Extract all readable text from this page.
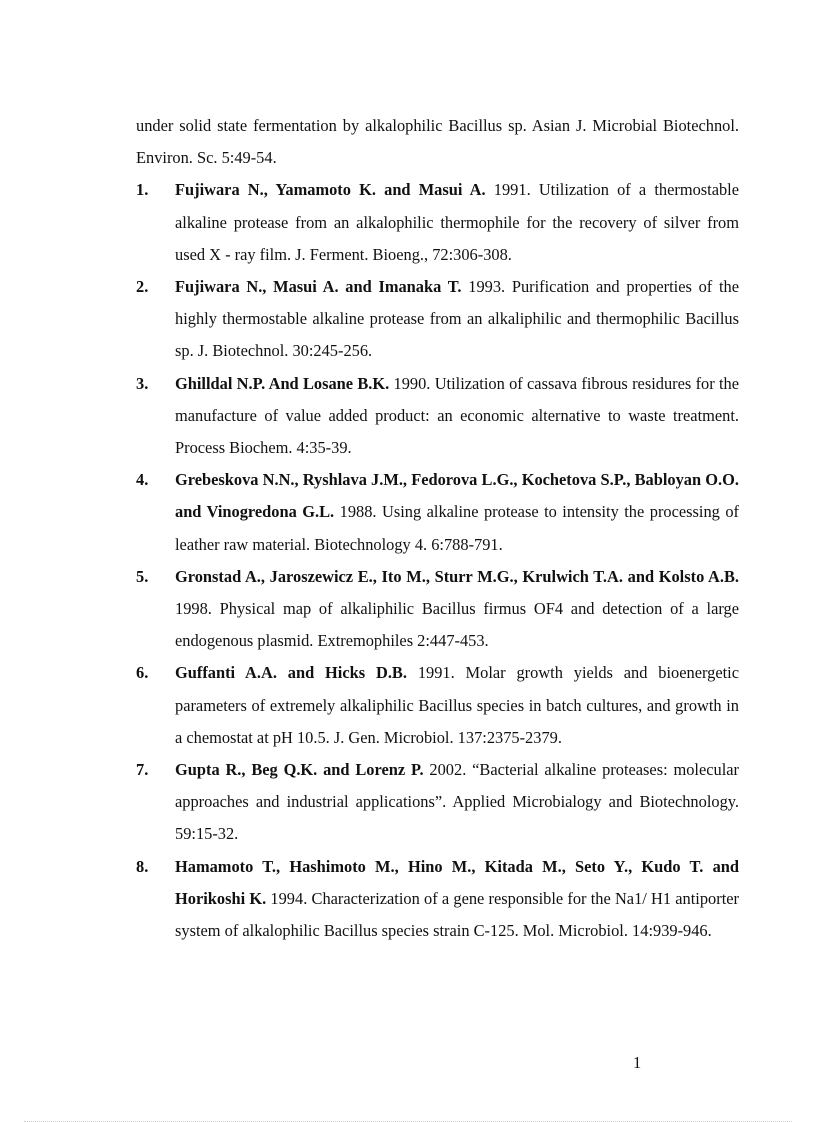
under solid state fermentation by alkalophilic Bacillus sp. Asian J. Microbial Biotechnol. Environ. Sc. 5:49-54.
1. Fujiwara N., Yamamoto K. and Masui A. 1991. Utilization of a thermostable alkaline protease from an alkalophilic thermophile for the recovery of silver from used X - ray film. J. Ferment. Bioeng., 72:306-308.
2. Fujiwara N., Masui A. and Imanaka T. 1993. Purification and properties of the highly thermostable alkaline protease from an alkaliphilic and thermophilic Bacillus sp. J. Biotechnol. 30:245-256.
3. Ghilldal N.P. And Losane B.K. 1990. Utilization of cassava fibrous residures for the manufacture of value added product: an economic alternative to waste treatment. Process Biochem. 4:35-39.
4. Grebeskova N.N., Ryshlava J.M., Fedorova L.G., Kochetova S.P., Babloyan O.O. and Vinogredona G.L. 1988. Using alkaline protease to intensity the processing of leather raw material. Biotechnology 4. 6:788-791.
5. Gronstad A., Jaroszewicz E., Ito M., Sturr M.G., Krulwich T.A. and Kolsto A.B. 1998. Physical map of alkaliphilic Bacillus firmus OF4 and detection of a large endogenous plasmid. Extremophiles 2:447-453.
6. Guffanti A.A. and Hicks D.B. 1991. Molar growth yields and bioenergetic parameters of extremely alkaliphilic Bacillus species in batch cultures, and growth in a chemostat at pH 10.5. J. Gen. Microbiol. 137:2375-2379.
7. Gupta R., Beg Q.K. and Lorenz P. 2002. “Bacterial alkaline proteases: molecular approaches and industrial applications”. Applied Microbialogy and Biotechnology. 59:15-32.
8. Hamamoto T., Hashimoto M., Hino M., Kitada M., Seto Y., Kudo T. and Horikoshi K. 1994. Characterization of a gene responsible for the Na1/ H1 antiporter system of alkalophilic Bacillus species strain C-125. Mol. Microbiol. 14:939-946.
1
